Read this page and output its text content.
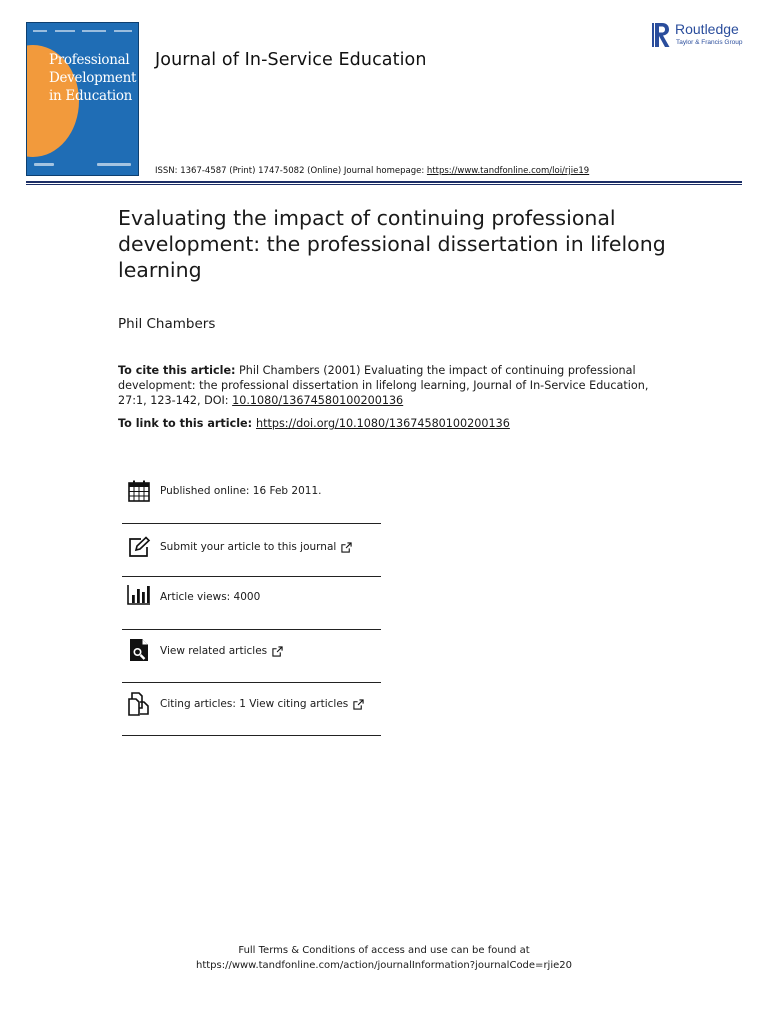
Professional
Development
in Education
Journal of In-Service Education
Routledge
Taylor & Francis Group
ISSN: 1367-4587 (Print) 1747-5082 (Online) Journal homepage: https://www.tandfonline.com/loi/rjie19
Evaluating the impact of continuing professional development: the professional dissertation in lifelong learning
Phil Chambers
To cite this article: Phil Chambers (2001) Evaluating the impact of continuing professional development: the professional dissertation in lifelong learning, Journal of In-Service Education, 27:1, 123-142, DOI: 10.1080/13674580100200136
To link to this article: https://doi.org/10.1080/13674580100200136
Published online: 16 Feb 2011.
Submit your article to this journal
Article views: 4000
View related articles
Citing articles: 1 View citing articles
Full Terms & Conditions of access and use can be found at
https://www.tandfonline.com/action/journalInformation?journalCode=rjie20
